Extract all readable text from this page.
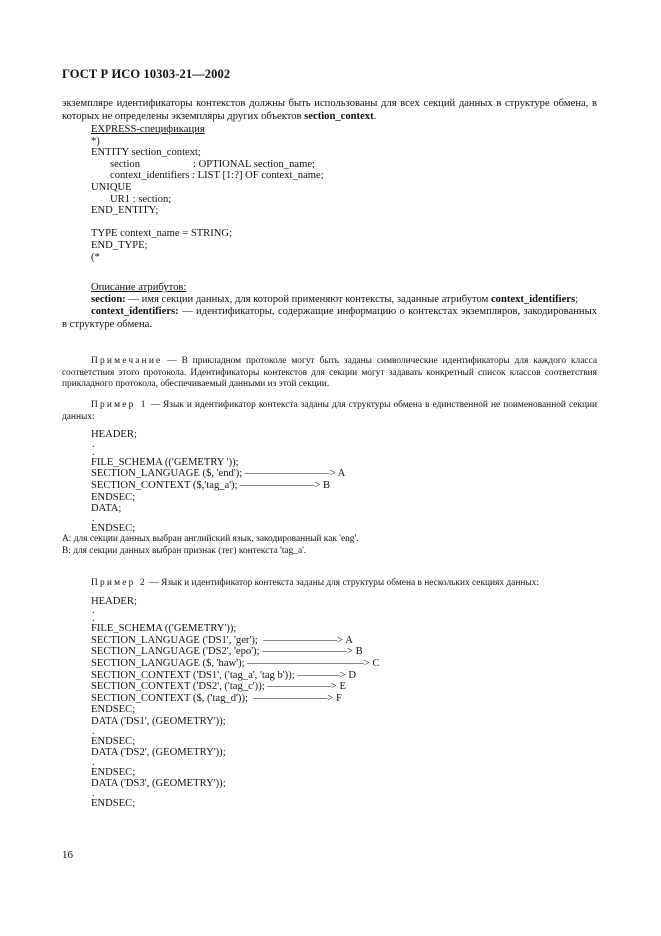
ГОСТ Р ИСО 10303-21—2002

экземпляре идентификаторы контекстов должны быть использованы для всех секций данных в структуре обмена, в которых не определены экземпляры других объектов section_context.

EXPRESS-спецификация
*)
ENTITY section_context;
section                    : OPTIONAL section_name;
context_identifiers : LIST [1:?] OF context_name;
UNIQUE
UR1 : section;
END_ENTITY;

TYPE context_name = STRING;
END_TYPE;
(*
Описание атрибутов:

section: — имя секции данных, для которой применяют контексты, заданные атрибутом context_identifiers;

context_identifiers: — идентификаторы, содержащие информацию о контекстах экземпляров, закодированных в структуре обмена.

Примечание — В прикладном протоколе могут быть заданы символические идентификаторы для каждого класса соответствия этого протокола. Идентификаторы контекстов для секции могут задавать конкретный список классов соответствия прикладного протокола, обеспечиваемый данными из этой секции.

Пример 1 — Язык и идентификатор контекста заданы для структуры обмена в единственной не поименованной секции данных:

HEADER;
.
.
FILE_SCHEMA (('GEMETRY '));
SECTION_LANGUAGE ($, 'end'); ————————> A
SECTION_CONTEXT ($,'tag_a'); ———————> B
ENDSEC;
DATA;
.
ENDSEC;
A: для секции данных выбран английский язык, закодированный как 'eng'.
B: для секции данных выбран признак (тег) контекста 'tag_a'.

Пример 2 — Язык и идентификатор контекста заданы для структуры обмена в нескольких секциях данных:

HEADER;
.
.
FILE_SCHEMA (('GEMETRY'));
SECTION_LANGUAGE ('DS1', 'ger');  ———————> A
SECTION_LANGUAGE ('DS2', 'epo'); ————————> B
SECTION_LANGUAGE ($, 'haw'); ———————————> C
SECTION_CONTEXT ('DS1', ('tag_a', 'tag b')); ————> D
SECTION_CONTEXT ('DS2', ('tag_c')); ——————> E
SECTION_CONTEXT ($, ('tag_d'));  ———————> F
ENDSEC;
DATA ('DS1', (GEOMETRY'));
.
ENDSEC;
DATA ('DS2', (GEOMETRY'));
.
ENDSEC;
DATA ('DS3', (GEOMETRY'));
.
ENDSEC;
16
